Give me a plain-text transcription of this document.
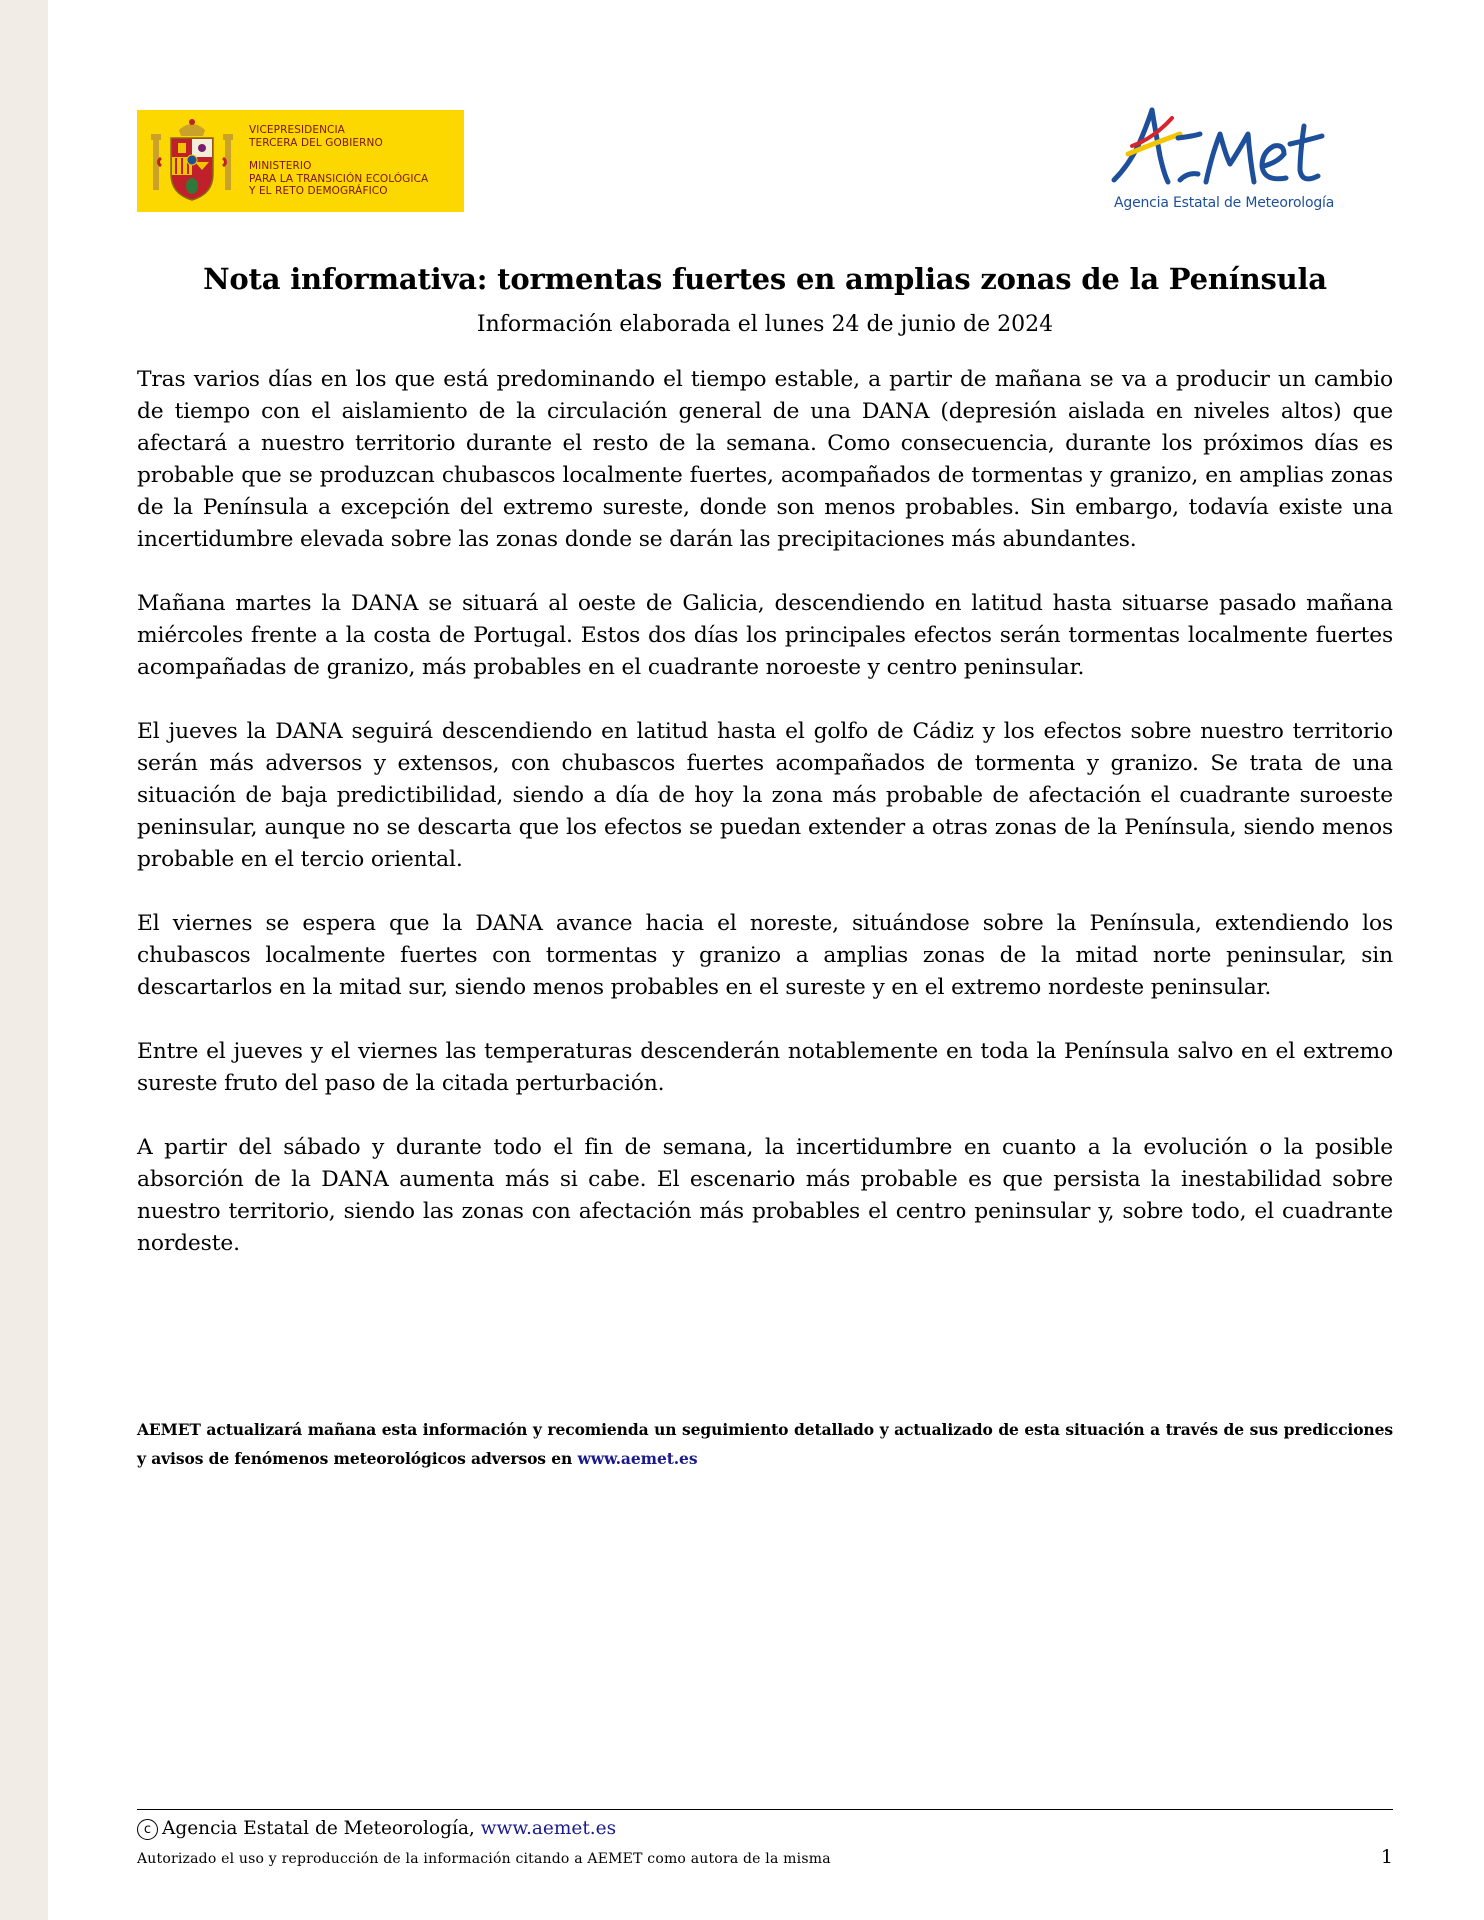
VICEPRESIDENCIA
TERCERA DEL GOBIERNO
MINISTERIO
PARA LA TRANSICIÓN ECOLÓGICA
Y EL RETO DEMOGRÁFICO
Agencia Estatal de Meteorología
Nota informativa: tormentas fuertes en amplias zonas de la Península
Información elaborada el lunes 24 de junio de 2024

Tras varios días en los que está predominando el tiempo estable, a partir de mañana se va a producir un cambio de tiempo con el aislamiento de la circulación general de una DANA (depresión aislada en niveles altos) que afectará a nuestro territorio durante el resto de la semana. Como consecuencia, durante los próximos días es probable que se produzcan chubascos localmente fuertes, acompañados de tormentas y granizo, en amplias zonas de la Península a excepción del extremo sureste, donde son menos probables. Sin embargo, todavía existe una incertidumbre elevada sobre las zonas donde se darán las precipitaciones más abundantes.

Mañana martes la DANA se situará al oeste de Galicia, descendiendo en latitud hasta situarse pasado mañana miércoles frente a la costa de Portugal. Estos dos días los principales efectos serán tormentas localmente fuertes acompañadas de granizo, más probables en el cuadrante noroeste y centro peninsular.

El jueves la DANA seguirá descendiendo en latitud hasta el golfo de Cádiz y los efectos sobre nuestro territorio serán más adversos y extensos, con chubascos fuertes acompañados de tormenta y granizo. Se trata de una situación de baja predictibilidad, siendo a día de hoy la zona más probable de afectación el cuadrante suroeste peninsular, aunque no se descarta que los efectos se puedan extender a otras zonas de la Península, siendo menos probable en el tercio oriental.

El viernes se espera que la DANA avance hacia el noreste, situándose sobre la Península, extendiendo los chubascos localmente fuertes con tormentas y granizo a amplias zonas de la mitad norte peninsular, sin descartarlos en la mitad sur, siendo menos probables en el sureste y en el extremo nordeste peninsular.

Entre el jueves y el viernes las temperaturas descenderán notablemente en toda la Península salvo en el extremo sureste fruto del paso de la citada perturbación.

A partir del sábado y durante todo el fin de semana, la incertidumbre en cuanto a la evolución o la posible absorción de la DANA aumenta más si cabe. El escenario más probable es que persista la inestabilidad sobre nuestro territorio, siendo las zonas con afectación más probables el centro peninsular y, sobre todo, el cuadrante nordeste.

AEMET actualizará mañana esta información y recomienda un seguimiento detallado y actualizado de esta situación a través de sus predicciones y avisos de fenómenos meteorológicos adversos en www.aemet.es
c Agencia Estatal de Meteorología, www.aemet.es
Autorizado el uso y reproducción de la información citando a AEMET como autora de la misma	1
